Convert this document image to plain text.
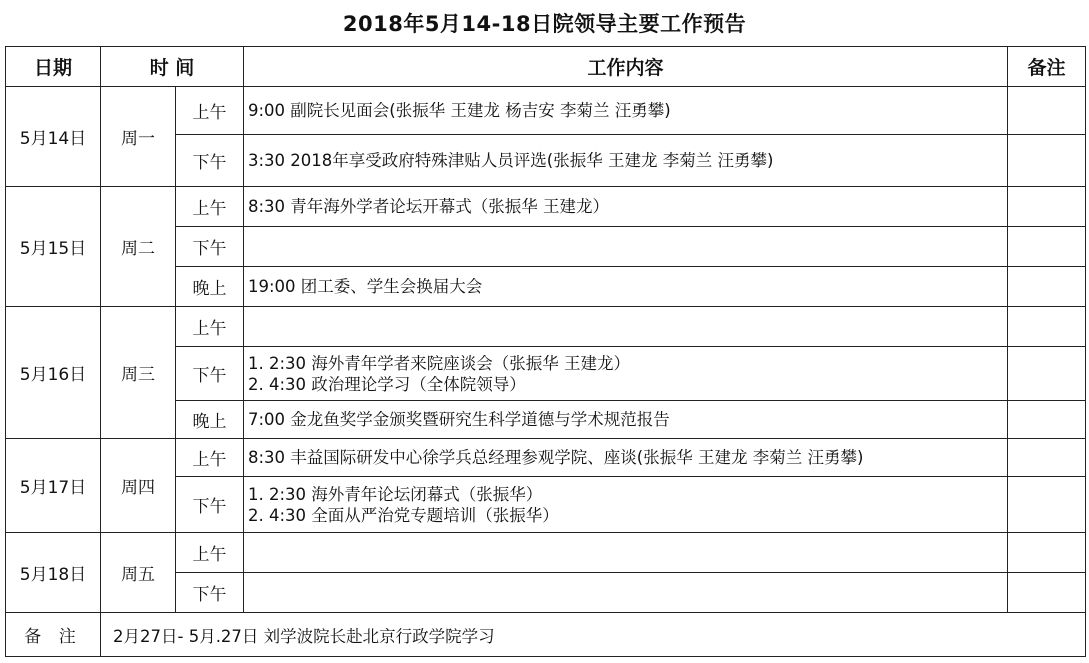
2018年5月14-18日院领导主要工作预告
日期	时 间		工作内容	备注
5月14日	周一	上午	9:00 副院长见面会(张振华 王建龙 杨吉安 李菊兰 汪勇攀)	

		下午	3:30 2018年享受政府特殊津贴人员评选(张振华 王建龙 李菊兰 汪勇攀)	

5月15日	周二	上午	8:30 青年海外学者论坛开幕式（张振华 王建龙）	

		下午		
		晚上	19:00 团工委、学生会换届大会	

5月16日	周三	上午		
		下午	1. 2:30 海外青年学者来院座谈会（张振华 王建龙）
2. 4:30 政治理论学习（全体院领导）	

		晚上	7:00 金龙鱼奖学金颁奖暨研究生科学道德与学术规范报告	

5月17日	周四	上午	8:30 丰益国际研发中心徐学兵总经理参观学院、座谈(张振华 王建龙 李菊兰 汪勇攀)	

		下午	1. 2:30 海外青年论坛闭幕式（张振华）
2. 4:30 全面从严治党专题培训（张振华）	

5月18日	周五	上午		
		下午		
备 注	2月27日- 5月.27日 刘学波院长赴北京行政学院学习			
